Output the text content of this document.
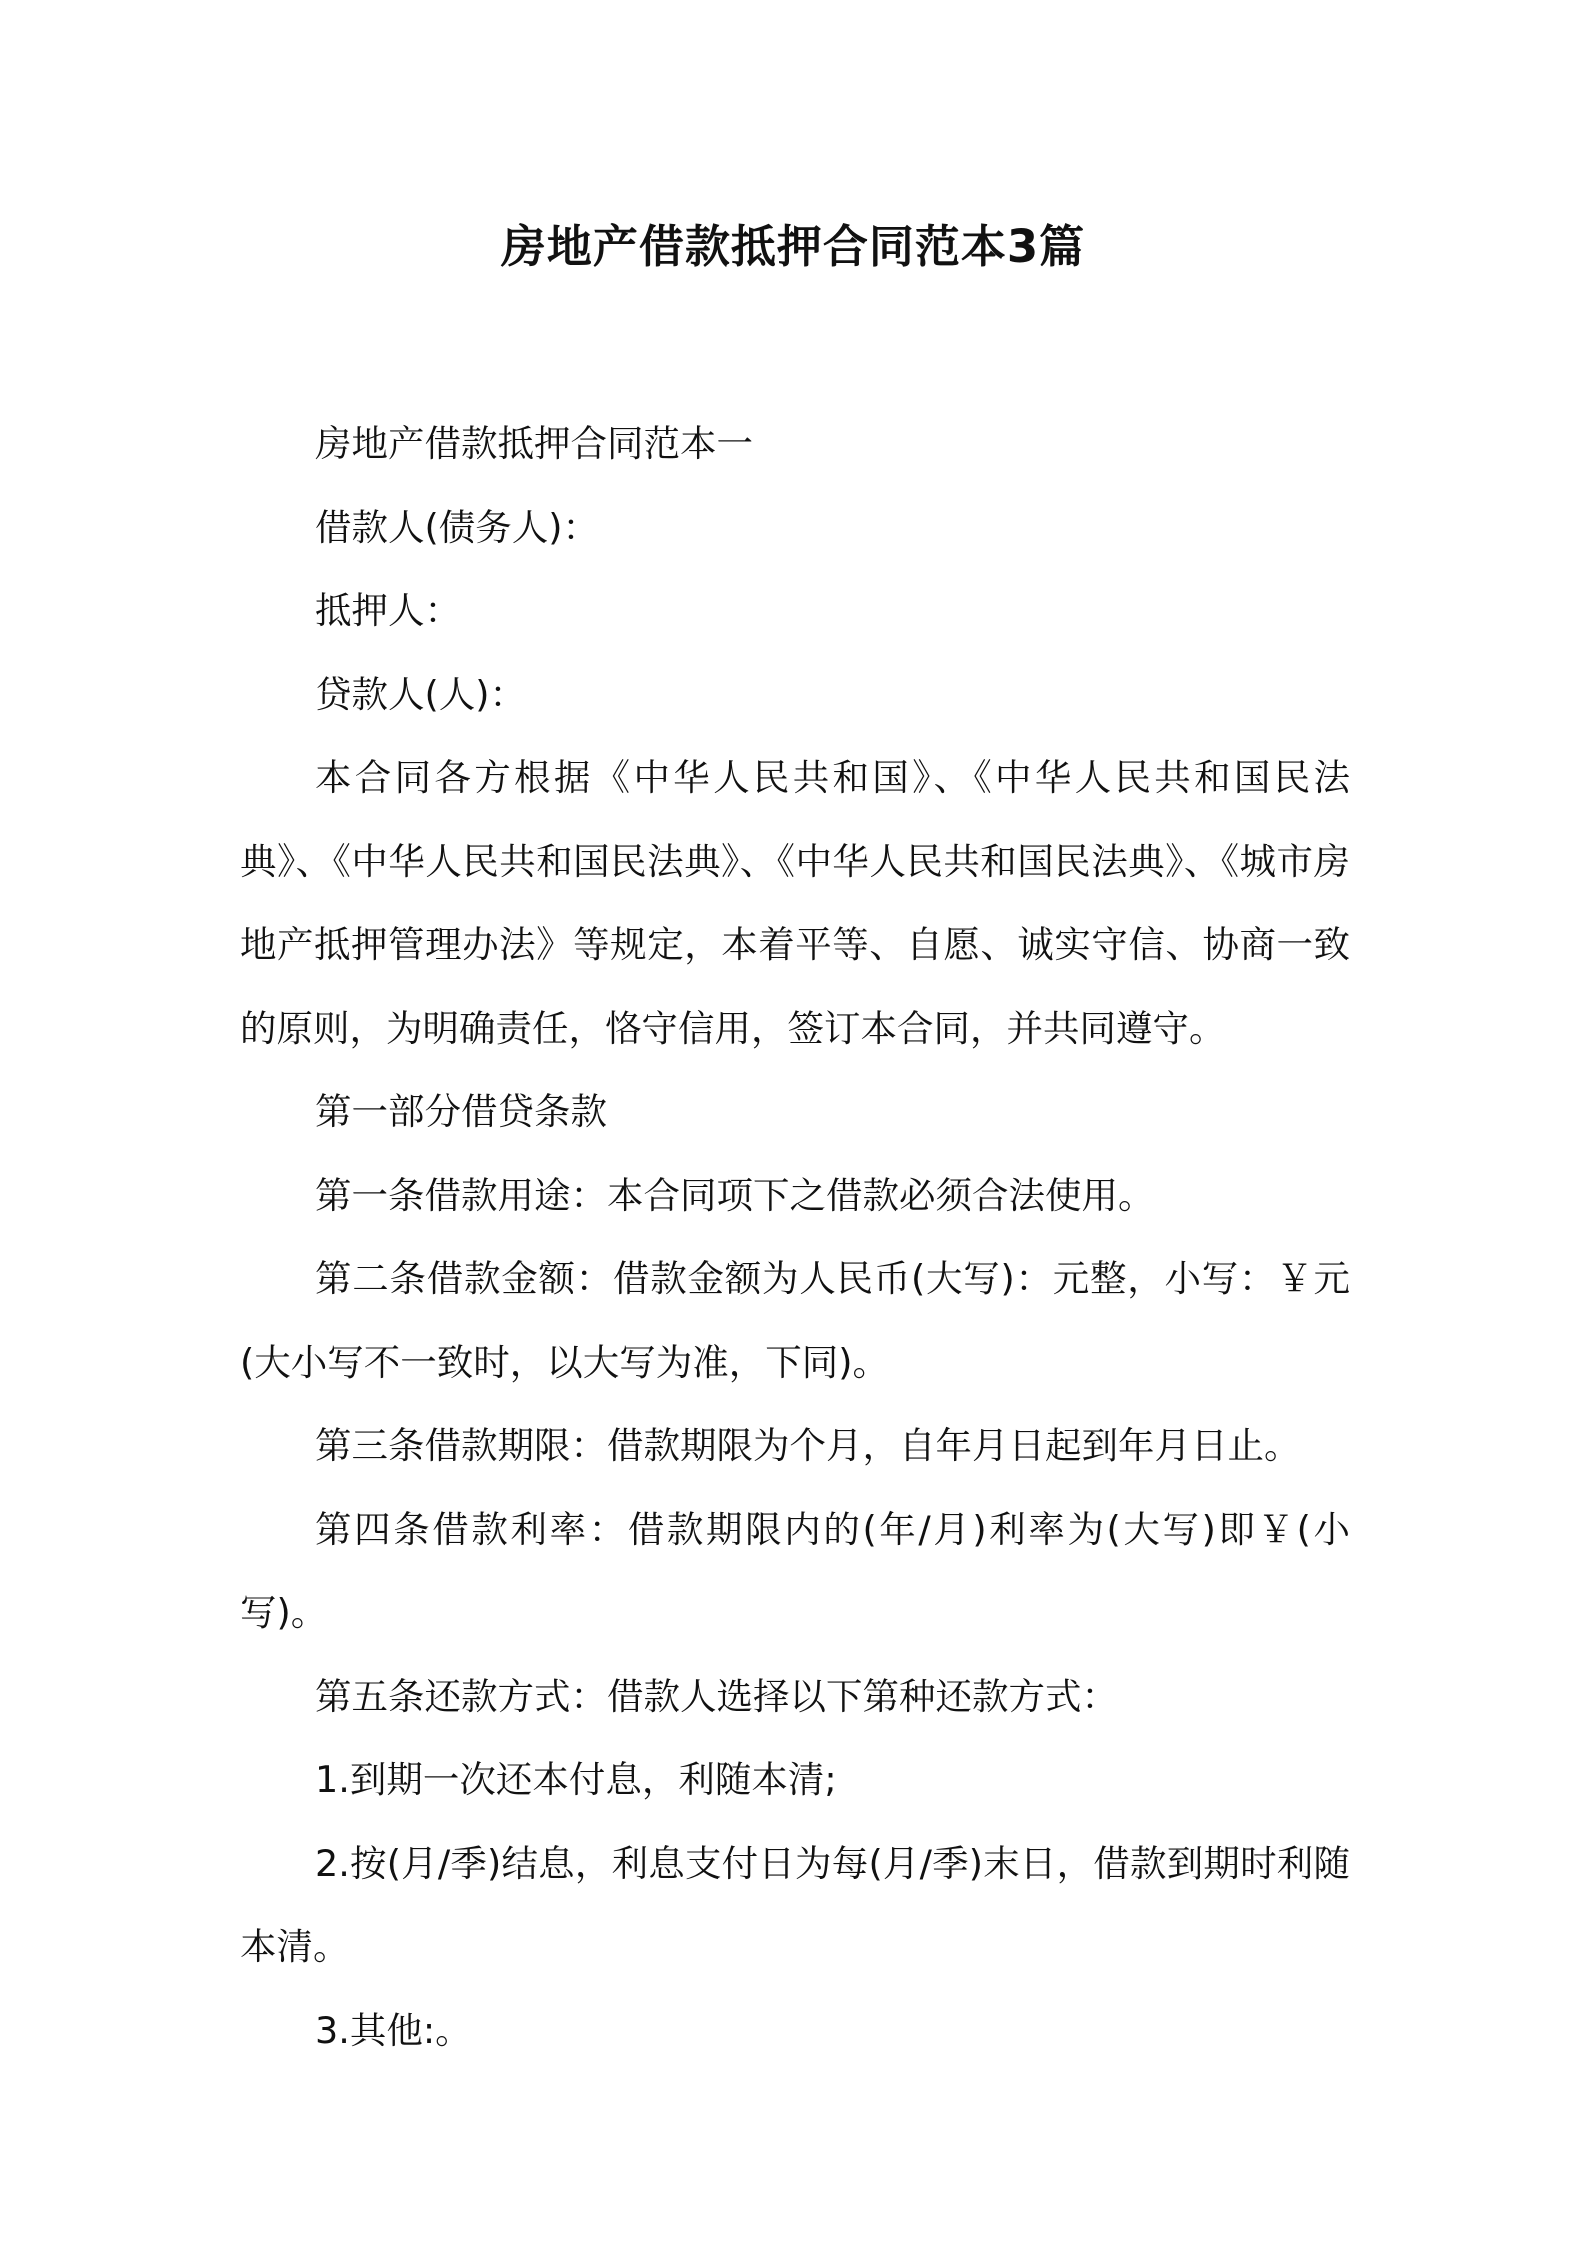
房地产借款抵押合同范本3篇

房地产借款抵押合同范本一

借款人(债务人)：

抵押人：

贷款人(人)：

本合同各方根据《中华人民共和国》、《中华人民共和国民法典》、《中华人民共和国民法典》、《中华人民共和国民法典》、《城市房地产抵押管理办法》等规定，本着平等、自愿、诚实守信、协商一致的原则，为明确责任，恪守信用，签订本合同，并共同遵守。

第一部分借贷条款

第一条借款用途：本合同项下之借款必须合法使用。

第二条借款金额：借款金额为人民币(大写)：元整，小写：￥元(大小写不一致时，以大写为准，下同)。

第三条借款期限：借款期限为个月，自年月日起到年月日止。

第四条借款利率：借款期限内的(年/月)利率为(大写)即￥(小写)。

第五条还款方式：借款人选择以下第种还款方式：

1.到期一次还本付息，利随本清;

2.按(月/季)结息，利息支付日为每(月/季)末日，借款到期时利随本清。

3.其他:。
